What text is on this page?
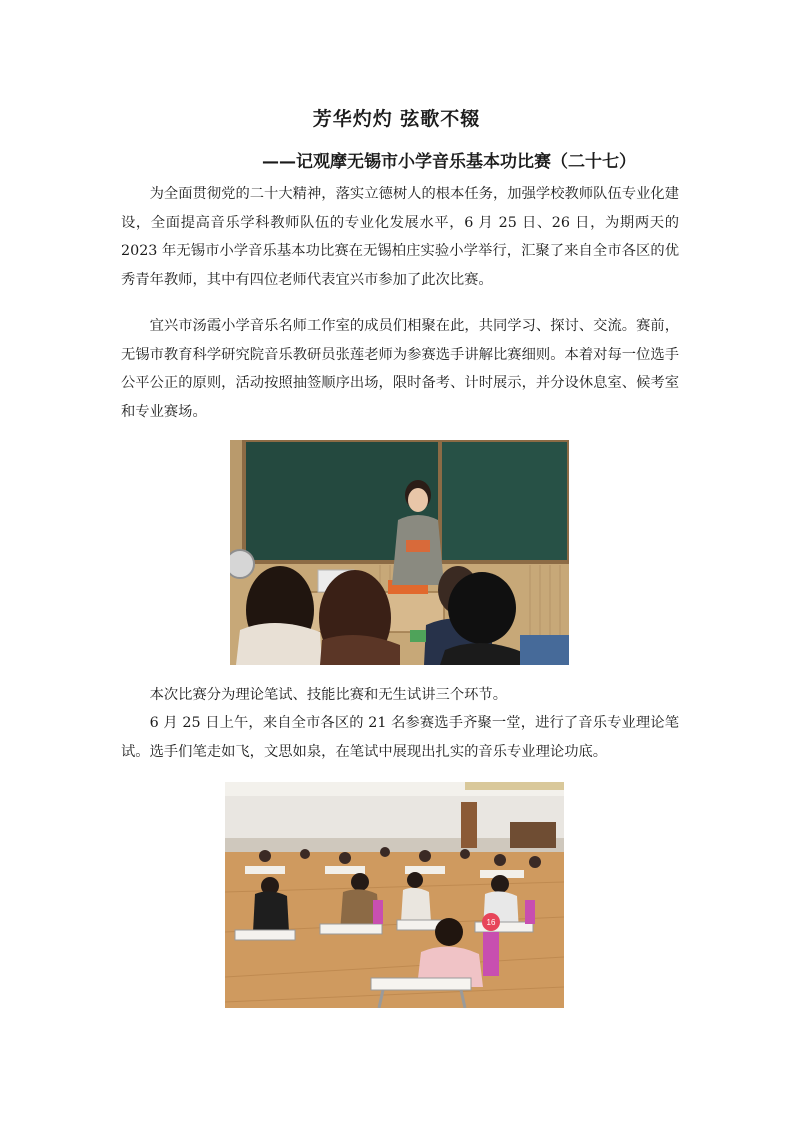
芳华灼灼 弦歌不辍
——记观摩无锡市小学音乐基本功比赛（二十七）

为全面贯彻党的二十大精神，落实立德树人的根本任务，加强学校教师队伍专业化建设，全面提高音乐学科教师队伍的专业化发展水平，6 月 25 日、26 日，为期两天的 2023 年无锡市小学音乐基本功比赛在无锡柏庄实验小学举行，汇聚了来自全市各区的优秀青年教师，其中有四位老师代表宜兴市参加了此次比赛。

宜兴市汤霞小学音乐名师工作室的成员们相聚在此，共同学习、探讨、交流。赛前，无锡市教育科学研究院音乐教研员张莲老师为参赛选手讲解比赛细则。本着对每一位选手公平公正的原则，活动按照抽签顺序出场，限时备考、计时展示，并分设休息室、候考室和专业赛场。

本次比赛分为理论笔试、技能比赛和无生试讲三个环节。

6 月 25 日上午，来自全市各区的 21 名参赛选手齐聚一堂，进行了音乐专业理论笔试。选手们笔走如飞，文思如泉，在笔试中展现出扎实的音乐专业理论功底。

16
